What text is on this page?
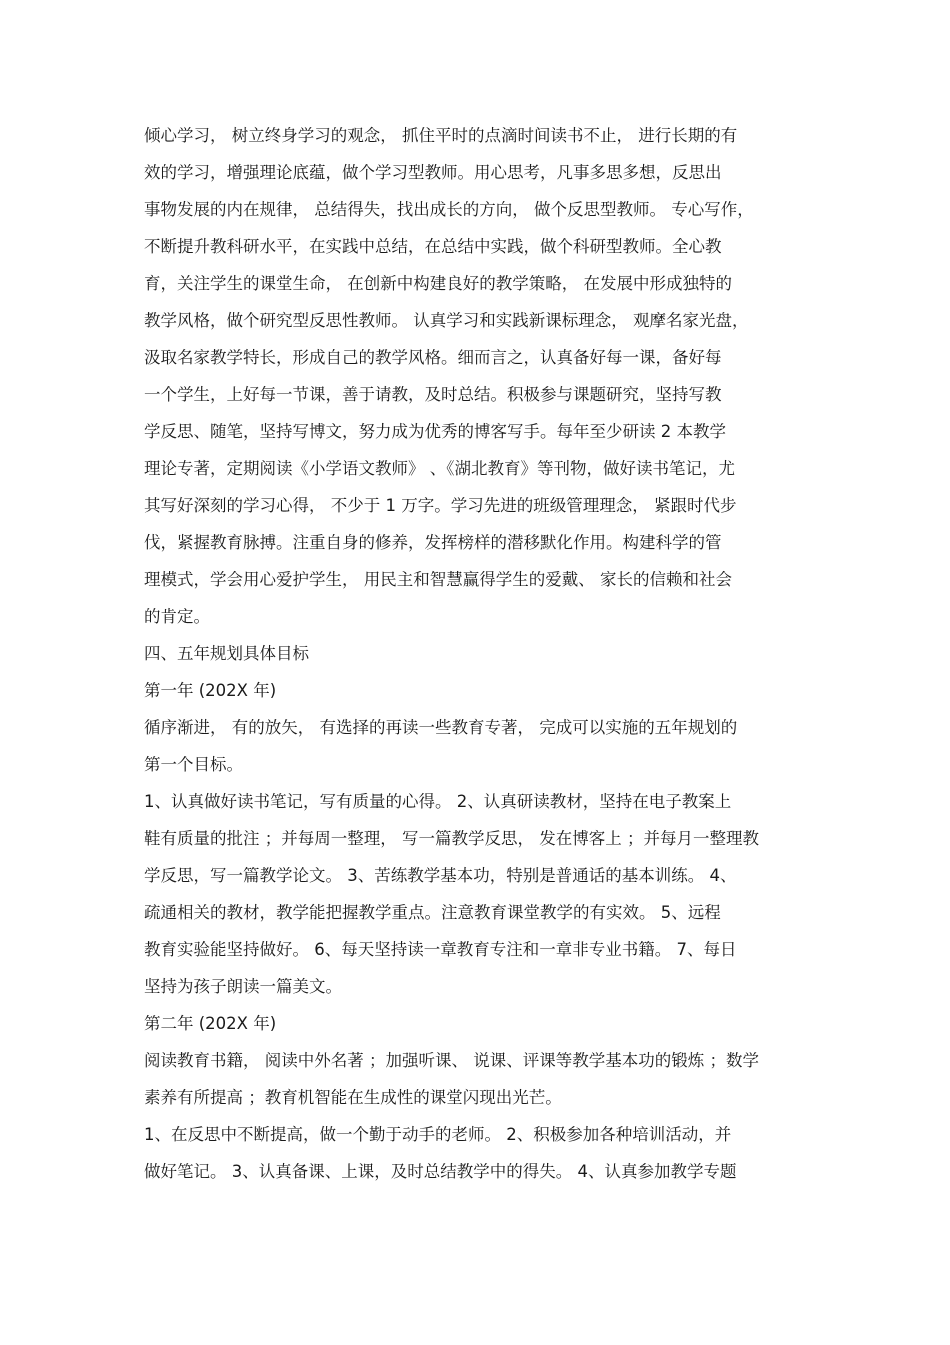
倾心学习， 树立终身学习的观念， 抓住平时的点滴时间读书不止， 进行长期的有
效的学习，增强理论底蕴，做个学习型教师。用心思考，凡事多思多想，反思出
事物发展的内在规律， 总结得失，找出成长的方向， 做个反思型教师。 专心写作，
不断提升教科研水平，在实践中总结，在总结中实践，做个科研型教师。全心教
育，关注学生的课堂生命， 在创新中构建良好的教学策略， 在发展中形成独特的
教学风格，做个研究型反思性教师。 认真学习和实践新课标理念， 观摩名家光盘，
汲取名家教学特长，形成自己的教学风格。细而言之，认真备好每一课，备好每
一个学生，上好每一节课，善于请教，及时总结。积极参与课题研究，坚持写教
学反思、随笔，坚持写博文，努力成为优秀的博客写手。每年至少研读 2 本教学
理论专著，定期阅读《小学语文教师》 、《湖北教育》等刊物，做好读书笔记，尤
其写好深刻的学习心得， 不少于 1 万字。学习先进的班级管理理念， 紧跟时代步
伐，紧握教育脉搏。注重自身的修养，发挥榜样的潜移默化作用。构建科学的管
理模式，学会用心爱护学生， 用民主和智慧赢得学生的爱戴、 家长的信赖和社会
的肯定。
四、五年规划具体目标
第一年 (202X 年)
循序渐进， 有的放矢， 有选择的再读一些教育专著， 完成可以实施的五年规划的
第一个目标。
1、认真做好读书笔记，写有质量的心得。 2、认真研读教材，坚持在电子教案上
鞋有质量的批注 ；并每周一整理， 写一篇教学反思， 发在博客上 ；并每月一整理教
学反思，写一篇教学论文。 3、苦练教学基本功，特别是普通话的基本训练。 4、
疏通相关的教材，教学能把握教学重点。注意教育课堂教学的有实效。 5、远程
教育实验能坚持做好。 6、每天坚持读一章教育专注和一章非专业书籍。 7、每日
坚持为孩子朗读一篇美文。
第二年 (202X 年)
阅读教育书籍， 阅读中外名著 ；加强听课、 说课、评课等教学基本功的锻炼 ；数学
素养有所提高 ；教育机智能在生成性的课堂闪现出光芒。
1、在反思中不断提高，做一个勤于动手的老师。 2、积极参加各种培训活动，并
做好笔记。 3、认真备课、上课，及时总结教学中的得失。 4、认真参加教学专题
